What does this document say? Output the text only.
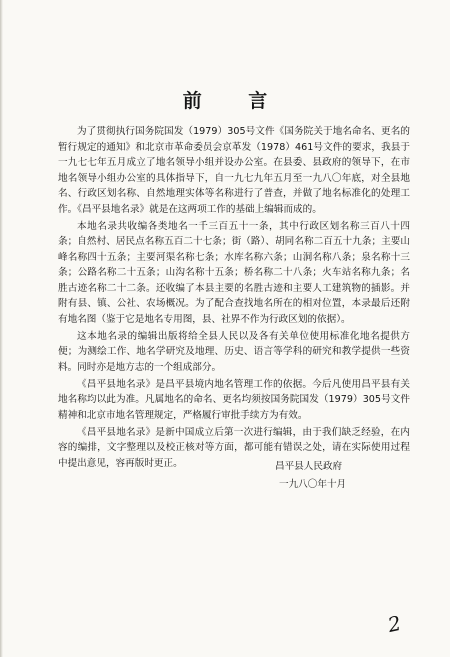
前 言

为了贯彻执行国务院国发（1979）305号文件《国务院关于地名命名、更名的暂行规定的通知》和北京市革命委员会京革发（1978）461号文件的要求，我县于一九七七年五月成立了地名领导小组并设办公室。在县委、县政府的领导下，在市地名领导小组办公室的具体指导下，自一九七九年五月至一九八〇年底，对全县地名、行政区划名称、自然地理实体等名称进行了普查，并做了地名标准化的处理工作。《昌平县地名录》就是在这两项工作的基础上编辑而成的。

本地名录共收编各类地名一千三百五十一条，其中行政区划名称三百八十四条；自然村、居民点名称五百二十七条；街（路）、胡同名称二百五十九条；主要山峰名称四十五条；主要河渠名称七条；水库名称六条；山洞名称八条；泉名称十三条；公路名称二十五条；山沟名称十五条；桥名称二十八条；火车站名称九条；名胜古迹名称二十二条。还收编了本县主要的名胜古迹和主要人工建筑物的插影。并附有县、镇、公社、农场概况。为了配合查找地名所在的相对位置，本录最后还附有地名图（鉴于它是地名专用图，县、社界不作为行政区划的依据）。

这本地名录的编辑出版将给全县人民以及各有关单位使用标准化地名提供方便；为测绘工作、地名学研究及地理、历史、语言等学科的研究和教学提供一些资料。同时亦是地方志的一个组成部分。

《昌平县地名录》是昌平县境内地名管理工作的依据。今后凡使用昌平县有关地名称均以此为准。凡属地名的命名、更名均须按国务院国发（1979）305号文件精神和北京市地名管理规定，严格履行审批手续方为有效。

《昌平县地名录》是新中国成立后第一次进行编辑，由于我们缺乏经验，在内容的编排，文字整理以及校正核对等方面，都可能有错误之处，请在实际使用过程中提出意见，容再版时更正。	昌平县人民政府
一九八〇年十月
2
